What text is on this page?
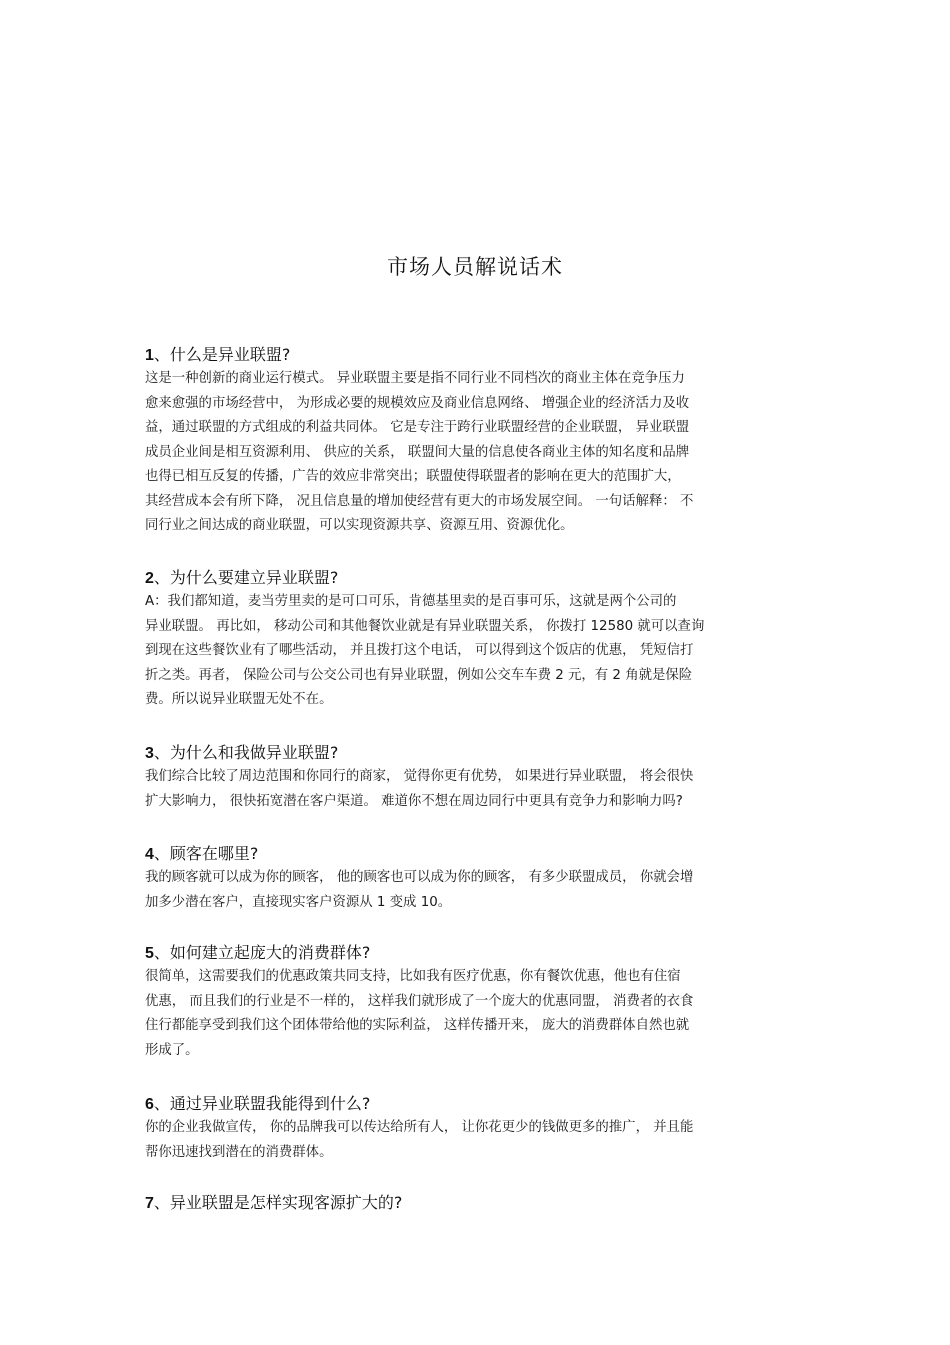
市场人员解说话术
1、什么是异业联盟?
这是一种创新的商业运行模式。 异业联盟主要是指不同行业不同档次的商业主体在竞争压力
愈来愈强的市场经营中， 为形成必要的规模效应及商业信息网络、 增强企业的经济活力及收
益，通过联盟的方式组成的利益共同体。 它是专注于跨行业联盟经营的企业联盟， 异业联盟
成员企业间是相互资源利用、 供应的关系， 联盟间大量的信息使各商业主体的知名度和品牌
也得已相互反复的传播，广告的效应非常突出；联盟使得联盟者的影响在更大的范围扩大，
其经营成本会有所下降， 况且信息量的增加使经营有更大的市场发展空间。 一句话解释： 不
同行业之间达成的商业联盟，可以实现资源共享、资源互用、资源优化。
2、为什么要建立异业联盟?
A：我们都知道，麦当劳里卖的是可口可乐，肯德基里卖的是百事可乐，这就是两个公司的
异业联盟。 再比如， 移动公司和其他餐饮业就是有异业联盟关系， 你拨打 12580 就可以查询
到现在这些餐饮业有了哪些活动， 并且拨打这个电话， 可以得到这个饭店的优惠， 凭短信打
折之类。再者， 保险公司与公交公司也有异业联盟，例如公交车车费 2 元，有 2 角就是保险
费。所以说异业联盟无处不在。
3、为什么和我做异业联盟?
我们综合比较了周边范围和你同行的商家， 觉得你更有优势， 如果进行异业联盟， 将会很快
扩大影响力， 很快拓宽潜在客户渠道。 难道你不想在周边同行中更具有竞争力和影响力吗?
4、顾客在哪里?
我的顾客就可以成为你的顾客， 他的顾客也可以成为你的顾客， 有多少联盟成员， 你就会增
加多少潜在客户，直接现实客户资源从 1 变成 10。
5、如何建立起庞大的消费群体?
很简单，这需要我们的优惠政策共同支持，比如我有医疗优惠，你有餐饮优惠，他也有住宿
优惠， 而且我们的行业是不一样的， 这样我们就形成了一个庞大的优惠同盟， 消费者的衣食
住行都能享受到我们这个团体带给他的实际利益， 这样传播开来， 庞大的消费群体自然也就
形成了。
6、通过异业联盟我能得到什么?
你的企业我做宣传， 你的品牌我可以传达给所有人， 让你花更少的钱做更多的推广， 并且能
帮你迅速找到潜在的消费群体。
7、异业联盟是怎样实现客源扩大的?
